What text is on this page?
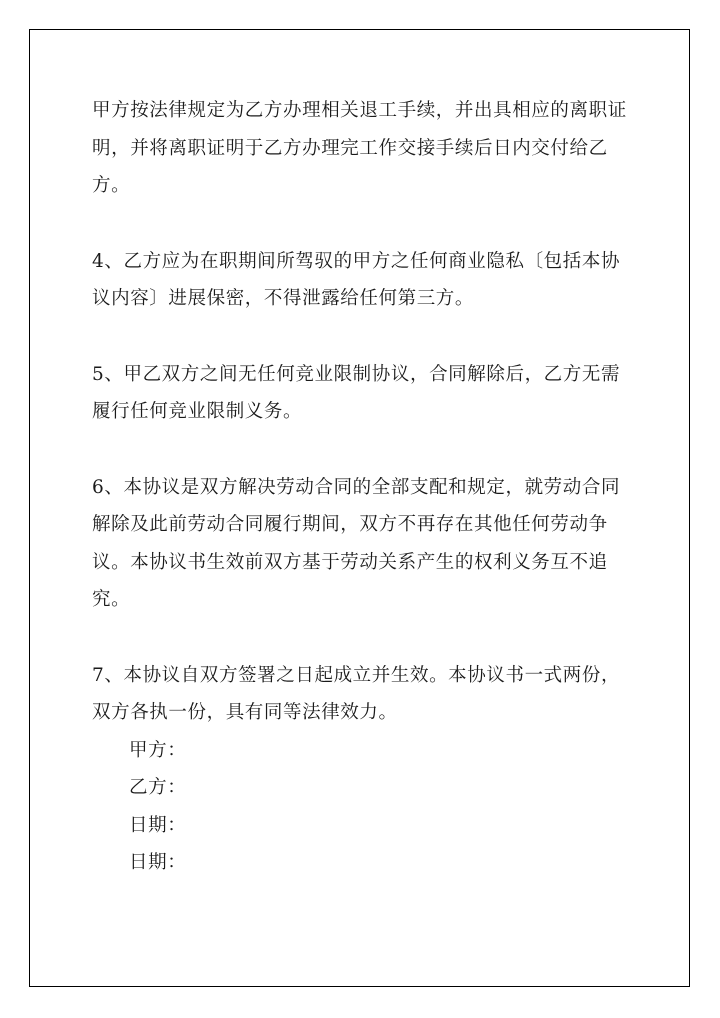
甲方按法律规定为乙方办理相关退工手续，并出具相应的离职证明，并将离职证明于乙方办理完工作交接手续后日内交付给乙方。

4、乙方应为在职期间所驾驭的甲方之任何商业隐私〔包括本协议内容〕进展保密，不得泄露给任何第三方。

5、甲乙双方之间无任何竞业限制协议，合同解除后，乙方无需履行任何竞业限制义务。

6、本协议是双方解决劳动合同的全部支配和规定，就劳动合同解除及此前劳动合同履行期间，双方不再存在其他任何劳动争议。本协议书生效前双方基于劳动关系产生的权利义务互不追究。

7、本协议自双方签署之日起成立并生效。本协议书一式两份，双方各执一份，具有同等法律效力。

甲方：
乙方：
日期：
日期：
